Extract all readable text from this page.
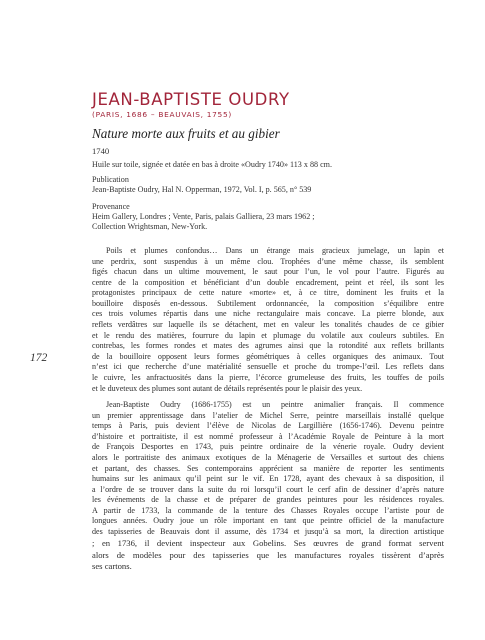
JEAN-BAPTISTE OUDRY
(PARIS, 1686 – BEAUVAIS, 1755)
Nature morte aux fruits et au gibier
1740
Huile sur toile, signée et datée en bas à droite «Oudry 1740» 113 x 88 cm.
Publication
Jean-Baptiste Oudry, Hal N. Opperman, 1972, Vol. I, p. 565, n° 539
Provenance
Heim Gallery, Londres ; Vente, Paris, palais Galliera, 23 mars 1962 ;
Collection Wrightsman, New-York.
172

Poils et plumes confondus… Dans un étrange mais gracieux jumelage, un lapin et
une perdrix, sont suspendus à un même clou. Trophées d’une même chasse, ils semblent
figés chacun dans un ultime mouvement, le saut pour l’un, le vol pour l’autre. Figurés au
centre de la composition et bénéficiant d’un double encadrement, peint et réel, ils sont les
protagonistes principaux de cette nature «morte» et, à ce titre, dominent les fruits et la
bouilloire disposés en-dessous. Subtilement ordonnancée, la composition s’équilibre entre
ces trois volumes répartis dans une niche rectangulaire mais concave. La pierre blonde, aux
reflets verdâtres sur laquelle ils se détachent, met en valeur les tonalités chaudes de ce gibier
et le rendu des matières, fourrure du lapin et plumage du volatile aux couleurs subtiles. En
contrebas, les formes rondes et mates des agrumes ainsi que la rotondité aux reflets brillants
de la bouilloire opposent leurs formes géométriques à celles organiques des animaux. Tout
n’est ici que recherche d’une matérialité sensuelle et proche du trompe-l’œil. Les reflets dans
le cuivre, les anfractuosités dans la pierre, l’écorce grumeleuse des fruits, les touffes de poils
et le duveteux des plumes sont autant de détails représentés pour le plaisir des yeux.

Jean-Baptiste Oudry (1686-1755) est un peintre animalier français. Il commence
un premier apprentissage dans l’atelier de Michel Serre, peintre marseillais installé quelque
temps à Paris, puis devient l’élève de Nicolas de Largillière (1656-1746). Devenu peintre
d’histoire et portraitiste, il est nommé professeur à l’Académie Royale de Peinture à la mort
de François Desportes en 1743, puis peintre ordinaire de la vénerie royale. Oudry devient
alors le portraitiste des animaux exotiques de la Ménagerie de Versailles et surtout des chiens
et partant, des chasses. Ses contemporains apprécient sa manière de reporter les sentiments
humains sur les animaux qu’il peint sur le vif. En 1728, ayant des chevaux à sa disposition, il
a l’ordre de se trouver dans la suite du roi lorsqu’il court le cerf afin de dessiner d’après nature
les événements de la chasse et de préparer de grandes peintures pour les résidences royales.
A partir de 1733, la commande de la tenture des Chasses Royales occupe l’artiste pour de
longues années. Oudry joue un rôle important en tant que peintre officiel de la manufacture
des tapisseries de Beauvais dont il assume, dès 1734 et jusqu’à sa mort, la direction artistique
; en 1736, il devient inspecteur aux Gobelins. Ses œuvres de grand format servent
alors de modèles pour des tapisseries que les manufactures royales tissèrent d’après
ses cartons.
